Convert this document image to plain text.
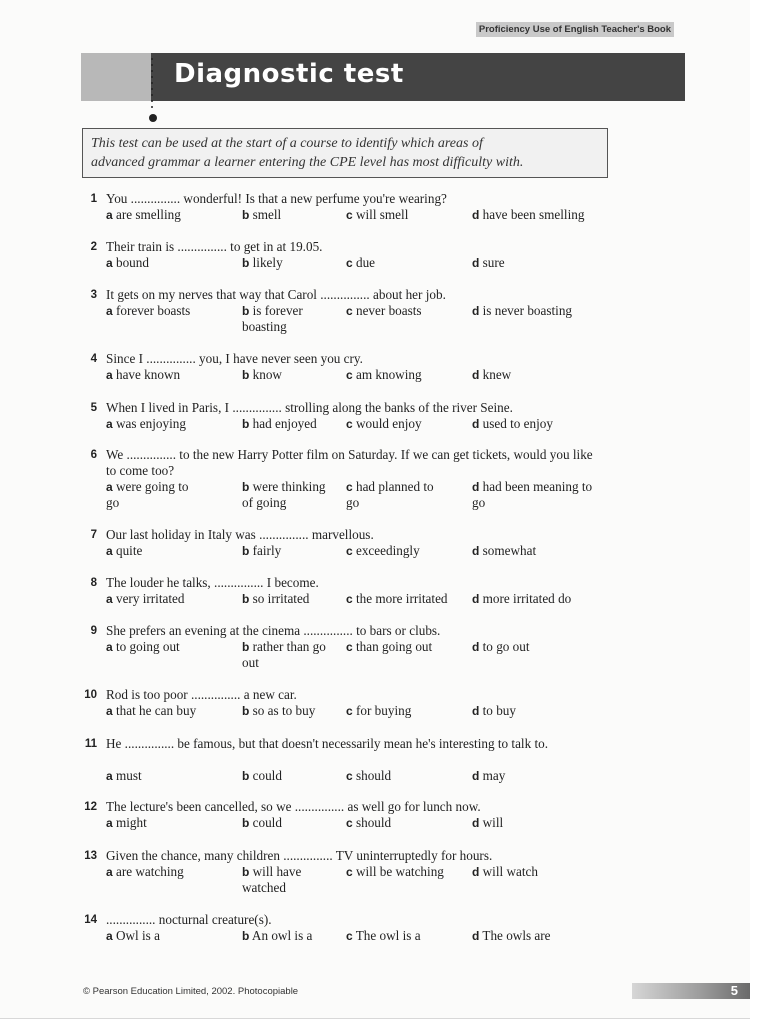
Proficiency Use of English Teacher's Book
Diagnostic test
This test can be used at the start of a course to identify which areas of
advanced grammar a learner entering the CPE level has most difficulty with.
1 You ............... wonderful! Is that a new perfume you're wearing?
a are smelling	b smell	c will smell	d have been smelling
2 Their train is ............... to get in at 19.05.
a bound	b likely	c due	d sure
3 It gets on my nerves that way that Carol ............... about her job.
a forever boasts	b is forever boasting
c never boasts	d is never boasting
4 Since I ............... you, I have never seen you cry.
a have known	b know	c am knowing	d knew
5 When I lived in Paris, I ............... strolling along the banks of the river Seine.
a was enjoying	b had enjoyed	c would enjoy	d used to enjoy
6 We ............... to the new Harry Potter film on Saturday. If we can get tickets, would you like to come too?
a were going to go
b were thinking of going
c had planned to go
d had been meaning to go
7 Our last holiday in Italy was ............... marvellous.
a quite	b fairly	c exceedingly	d somewhat
8 The louder he talks, ............... I become.
a very irritated	b so irritated	c the more irritated	d more irritated do
9 She prefers an evening at the cinema ............... to bars or clubs.
a to going out	b rather than go out
c than going out	d to go out
10 Rod is too poor ............... a new car.
a that he can buy	b so as to buy	c for buying	d to buy
11 He ............... be famous, but that doesn't necessarily mean he's interesting to talk to.
a must	b could	c should	d may
12 The lecture's been cancelled, so we ............... as well go for lunch now.
a might	b could	c should	d will
13 Given the chance, many children ............... TV uninterruptedly for hours.
a are watching	b will have watched
c will be watching	d will watch
14 ............... nocturnal creature(s).
a Owl is a	b An owl is a	c The owl is a	d The owls are
© Pearson Education Limited, 2002. Photocopiable	5
